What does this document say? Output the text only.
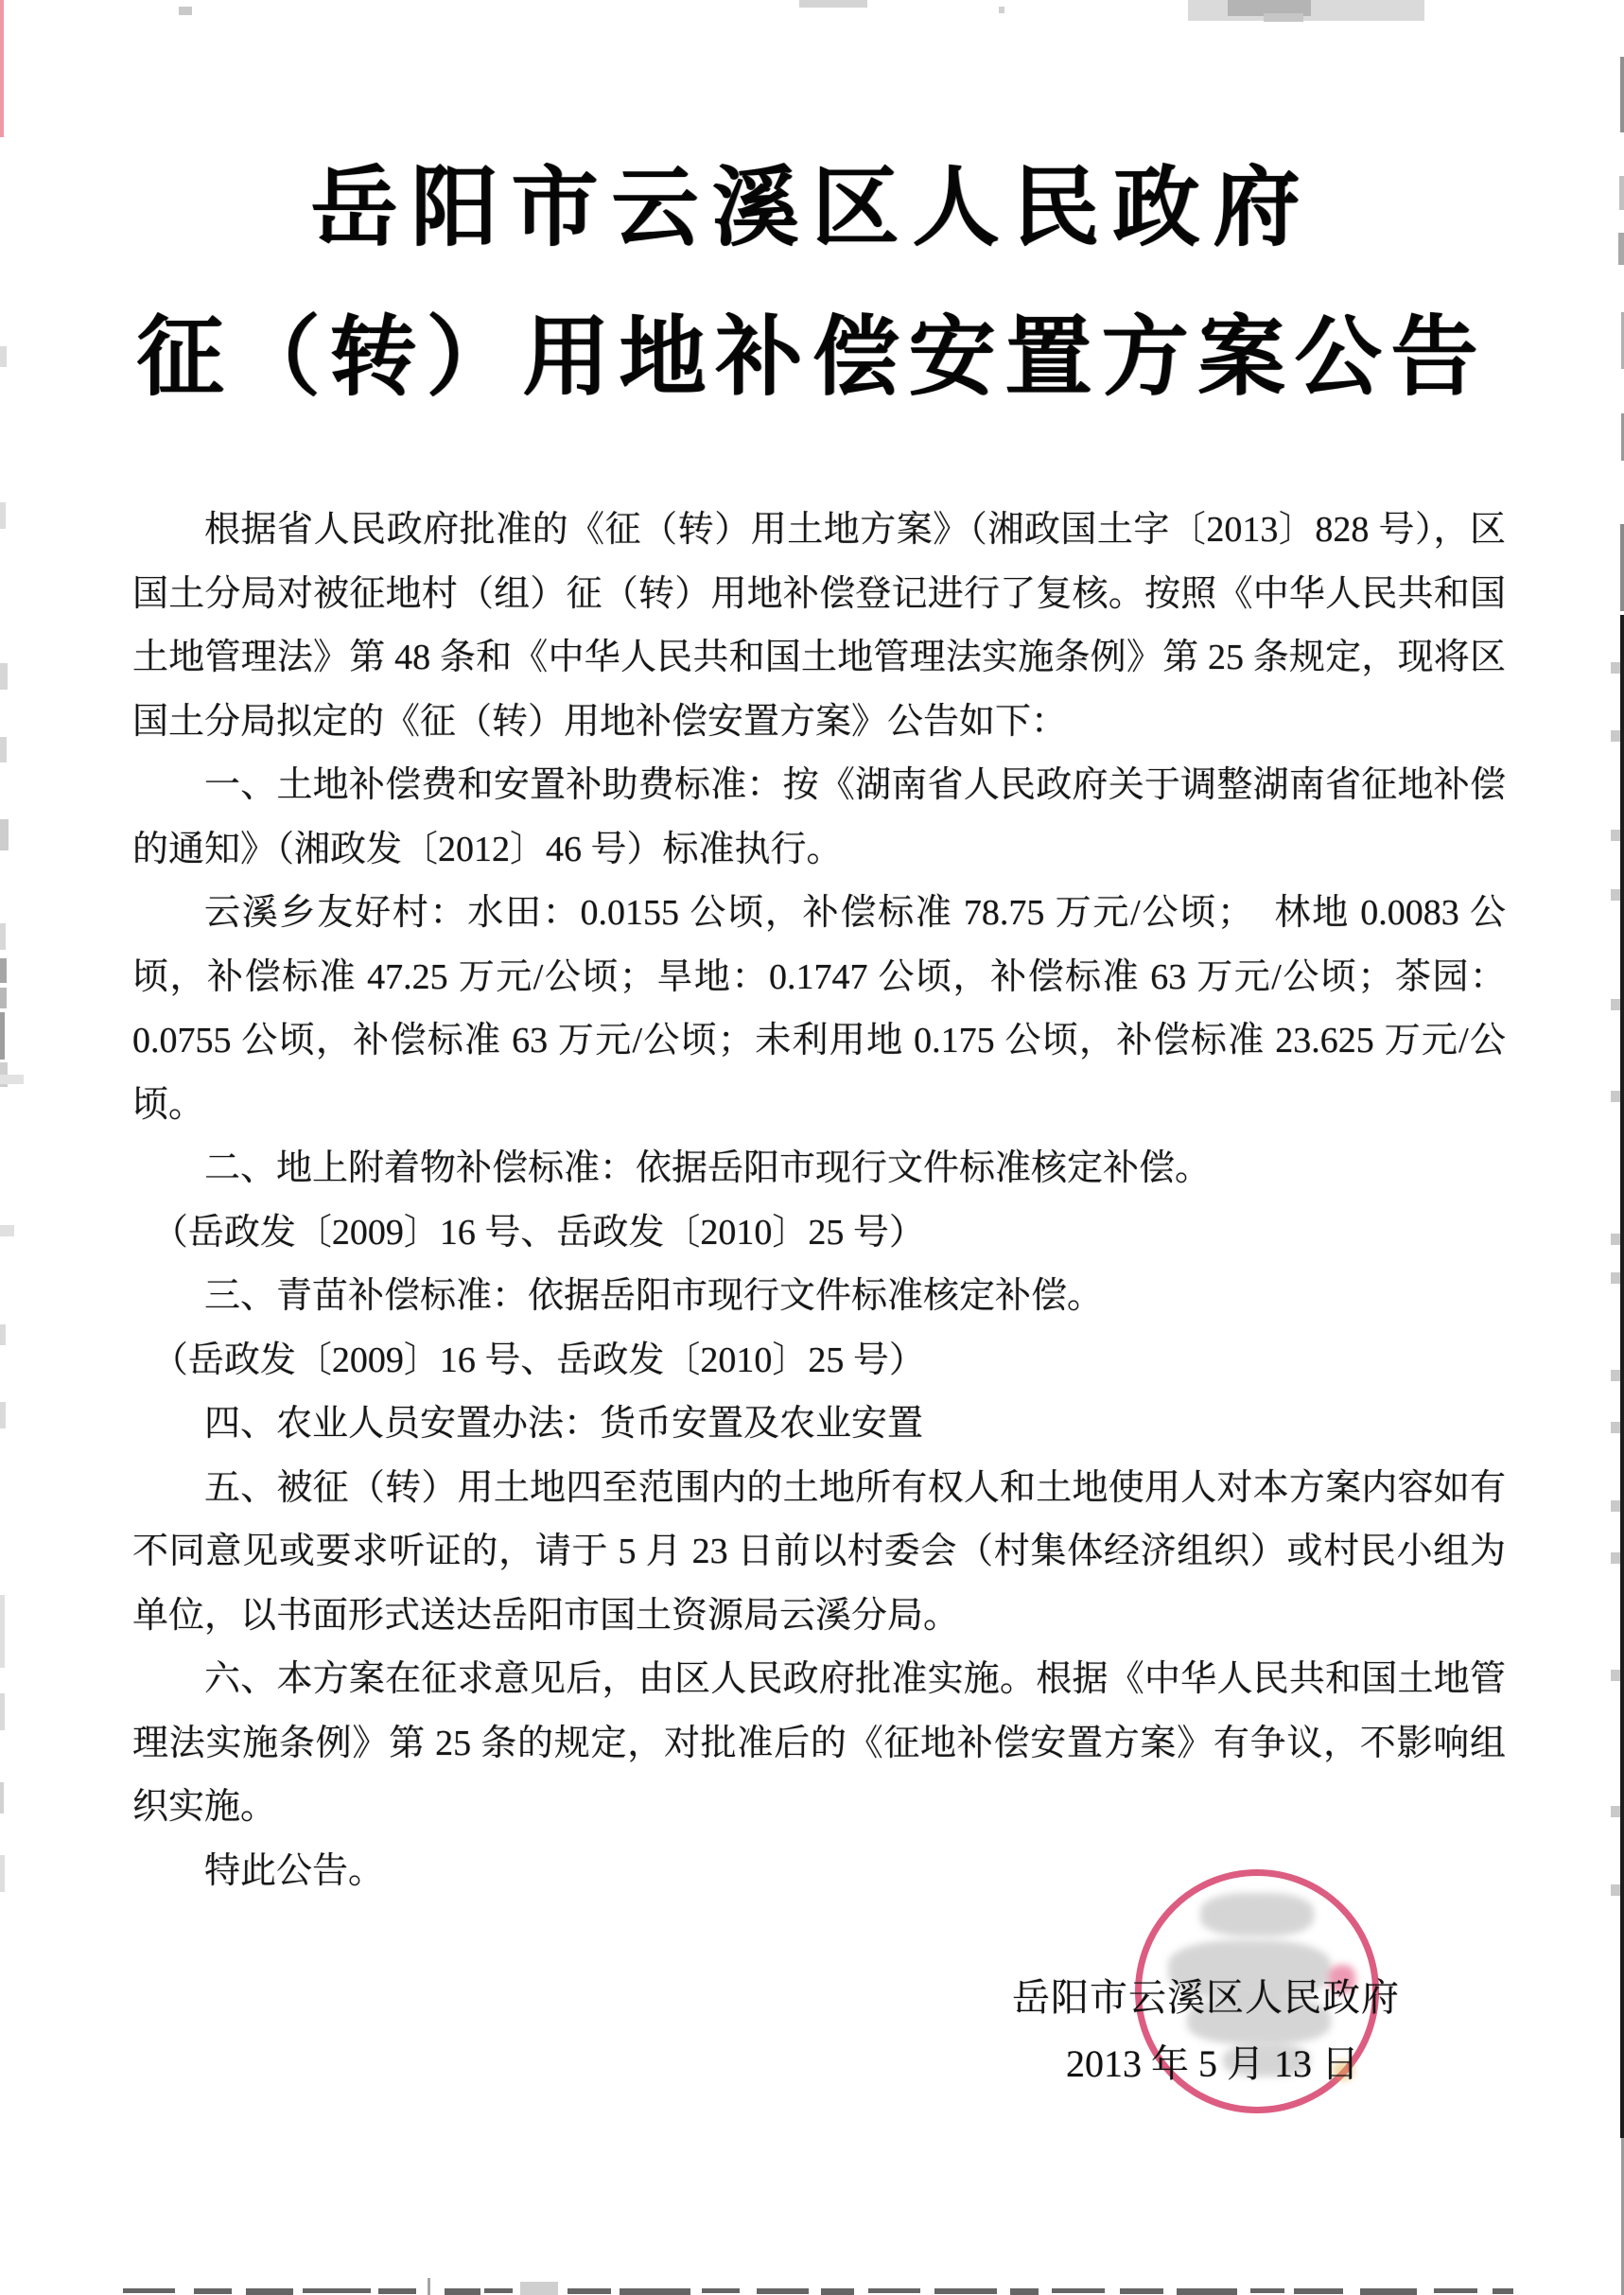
岳阳市云溪区人民政府
征（转）用地补偿安置方案公告

根据省人民政府批准的《征（转）用土地方案》（湘政国土字〔2013〕828 号），区国土分局对被征地村（组）征（转）用地补偿登记进行了复核。按照《中华人民共和国土地管理法》第 48 条和《中华人民共和国土地管理法实施条例》第 25 条规定，现将区国土分局拟定的《征（转）用地补偿安置方案》公告如下：

一、土地补偿费和安置补助费标准：按《湖南省人民政府关于调整湖南省征地补偿的通知》（湘政发〔2012〕46 号）标准执行。

云溪乡友好村：水田：0.0155 公顷，补偿标准 78.75 万元/公顷；　林地 0.0083 公顷，补偿标准 47.25 万元/公顷；旱地：0.1747 公顷，补偿标准 63 万元/公顷；茶园：0.0755 公顷，补偿标准 63 万元/公顷；未利用地 0.175 公顷，补偿标准 23.625 万元/公顷。

二、地上附着物补偿标准：依据岳阳市现行文件标准核定补偿。

（岳政发〔2009〕16 号、岳政发〔2010〕25 号）

三、青苗补偿标准：依据岳阳市现行文件标准核定补偿。

（岳政发〔2009〕16 号、岳政发〔2010〕25 号）

四、农业人员安置办法：货币安置及农业安置

五、被征（转）用土地四至范围内的土地所有权人和土地使用人对本方案内容如有不同意见或要求听证的，请于 5 月 23 日前以村委会（村集体经济组织）或村民小组为单位，以书面形式送达岳阳市国土资源局云溪分局。

六、本方案在征求意见后，由区人民政府批准实施。根据《中华人民共和国土地管理法实施条例》第 25 条的规定，对批准后的《征地补偿安置方案》有争议，不影响组织实施。

特此公告。

岳阳市云溪区人民政府
2013 年 5 月 13 日
